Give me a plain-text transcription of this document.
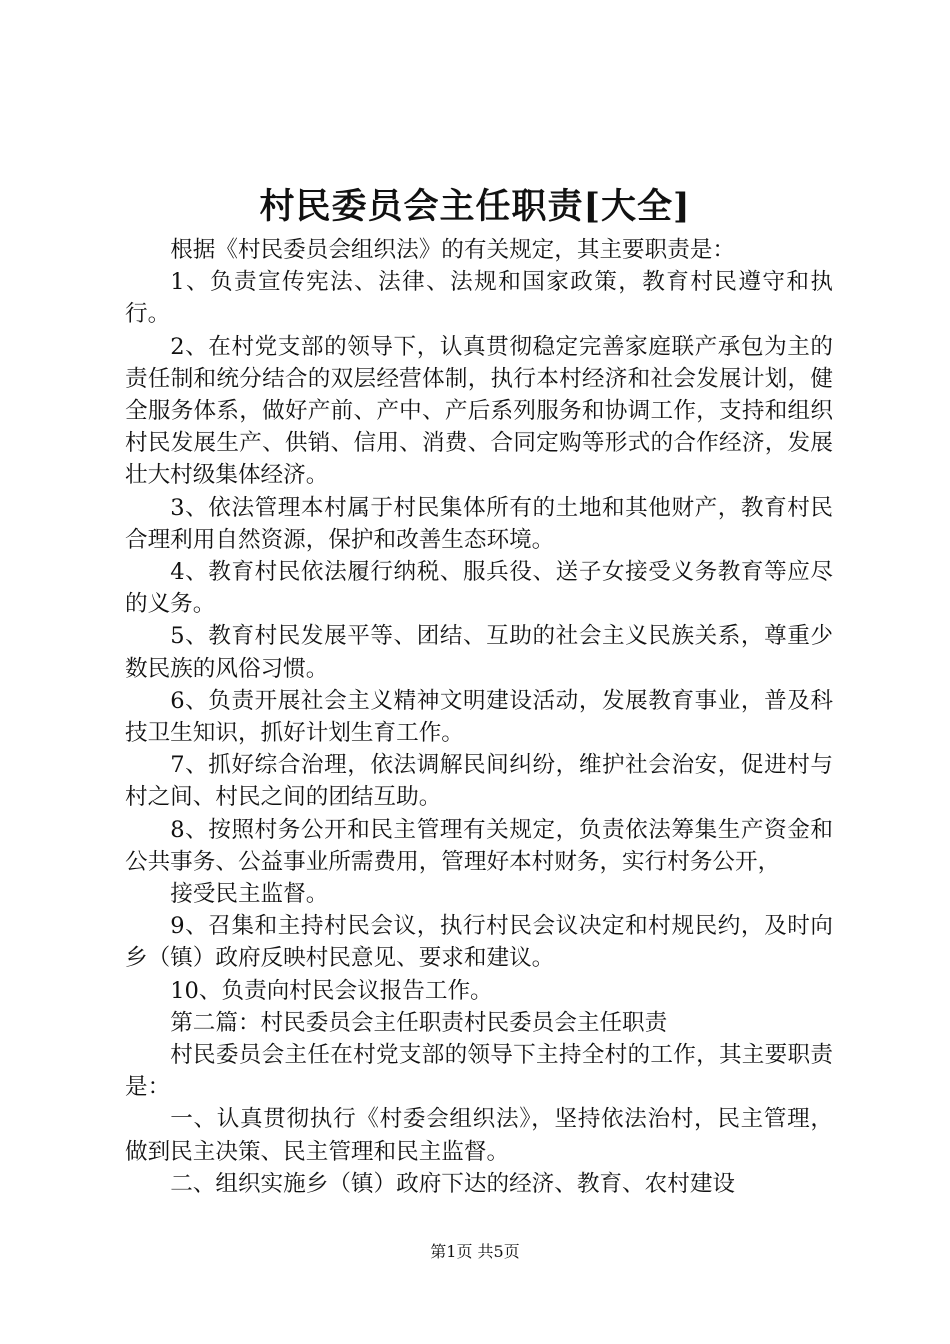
村民委员会主任职责[大全]

根据《村民委员会组织法》的有关规定，其主要职责是：

1、负责宣传宪法、法律、法规和国家政策，教育村民遵守和执行。

2、在村党支部的领导下，认真贯彻稳定完善家庭联产承包为主的责任制和统分结合的双层经营体制，执行本村经济和社会发展计划，健全服务体系，做好产前、产中、产后系列服务和协调工作，支持和组织村民发展生产、供销、信用、消费、合同定购等形式的合作经济，发展壮大村级集体经济。

3、依法管理本村属于村民集体所有的土地和其他财产，教育村民合理利用自然资源，保护和改善生态环境。

4、教育村民依法履行纳税、服兵役、送子女接受义务教育等应尽的义务。

5、教育村民发展平等、团结、互助的社会主义民族关系，尊重少数民族的风俗习惯。

6、负责开展社会主义精神文明建设活动，发展教育事业，普及科技卫生知识，抓好计划生育工作。

7、抓好综合治理，依法调解民间纠纷，维护社会治安，促进村与村之间、村民之间的团结互助。

8、按照村务公开和民主管理有关规定，负责依法筹集生产资金和公共事务、公益事业所需费用，管理好本村财务，实行村务公开，

接受民主监督。

9、召集和主持村民会议，执行村民会议决定和村规民约，及时向乡（镇）政府反映村民意见、要求和建议。

10、负责向村民会议报告工作。

第二篇：村民委员会主任职责村民委员会主任职责

村民委员会主任在村党支部的领导下主持全村的工作，其主要职责是：

一、认真贯彻执行《村委会组织法》，坚持依法治村，民主管理，做到民主决策、民主管理和民主监督。

二、组织实施乡（镇）政府下达的经济、教育、农村建设

第1页 共5页
